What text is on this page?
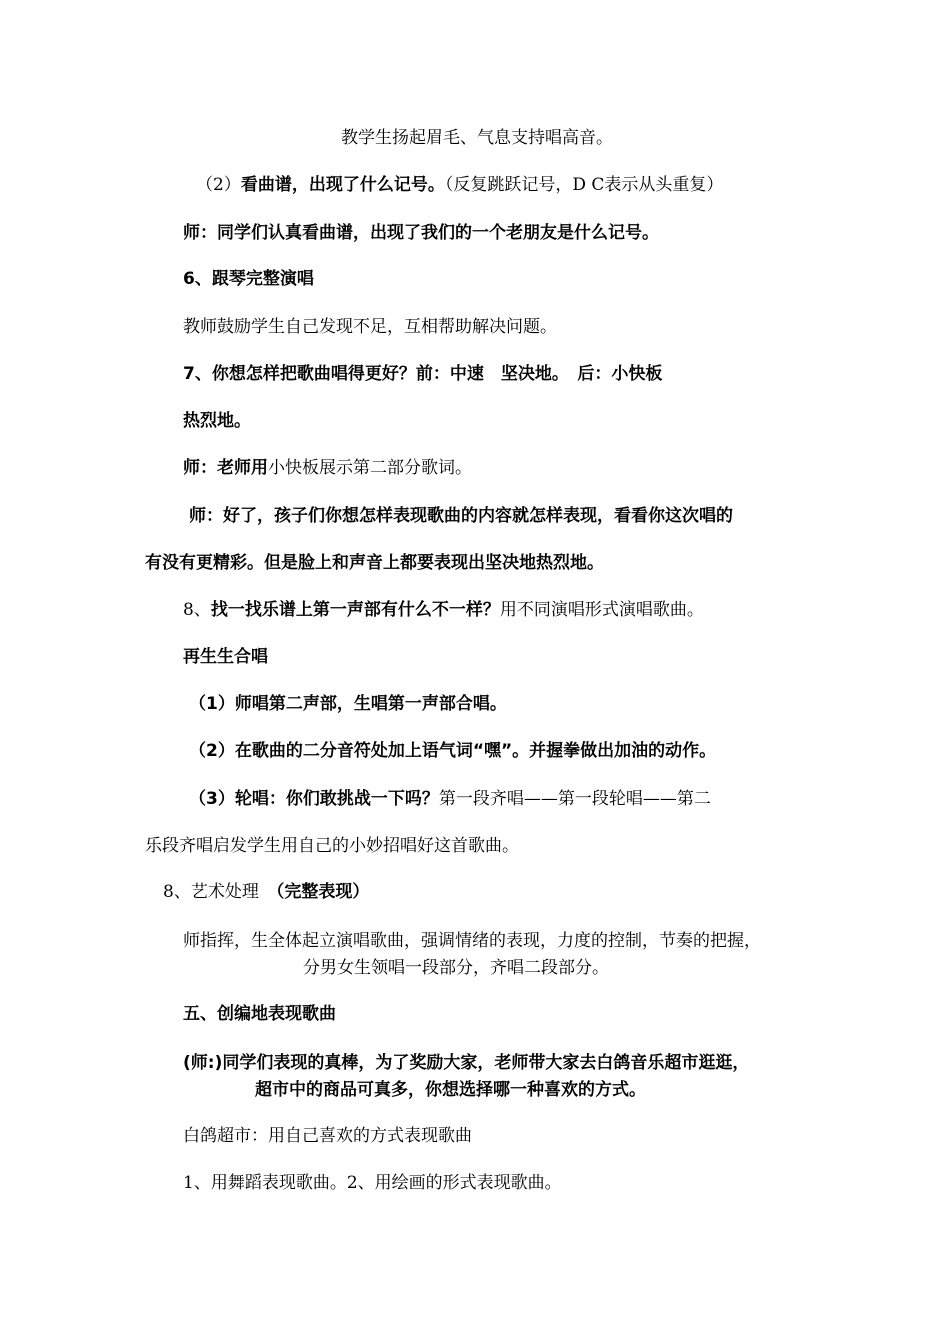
教学生扬起眉毛、气息支持唱高音。
（2）看曲谱，出现了什么记号。（反复跳跃记号，D C表示从头重复）
师：同学们认真看曲谱，出现了我们的一个老朋友是什么记号。
6、跟琴完整演唱
教师鼓励学生自己发现不足，互相帮助解决问题。
7、你想怎样把歌曲唱得更好？前：中速　坚决地。　后：小快板
热烈地。
师：老师用小快板展示第二部分歌词。
师：好了，孩子们你想怎样表现歌曲的内容就怎样表现，看看你这次唱的
有没有更精彩。但是脸上和声音上都要表现出坚决地热烈地。
8、找一找乐谱上第一声部有什么不一样？用不同演唱形式演唱歌曲。
再生生合唱
（1）师唱第二声部，生唱第一声部合唱。
（2）在歌曲的二分音符处加上语气词“嘿”。并握拳做出加油的动作。
（3）轮唱：你们敢挑战一下吗？第一段齐唱——第一段轮唱——第二
乐段齐唱启发学生用自己的小妙招唱好这首歌曲。
8、艺术处理　（完整表现）
师指挥，生全体起立演唱歌曲，强调情绪的表现，力度的控制，节奏的把握，
分男女生领唱一段部分，齐唱二段部分。
五、创编地表现歌曲
(师:)同学们表现的真棒，为了奖励大家，老师带大家去白鸽音乐超市逛逛，
超市中的商品可真多，你想选择哪一种喜欢的方式。
白鸽超市：用自己喜欢的方式表现歌曲
1、用舞蹈表现歌曲。2、用绘画的形式表现歌曲。
